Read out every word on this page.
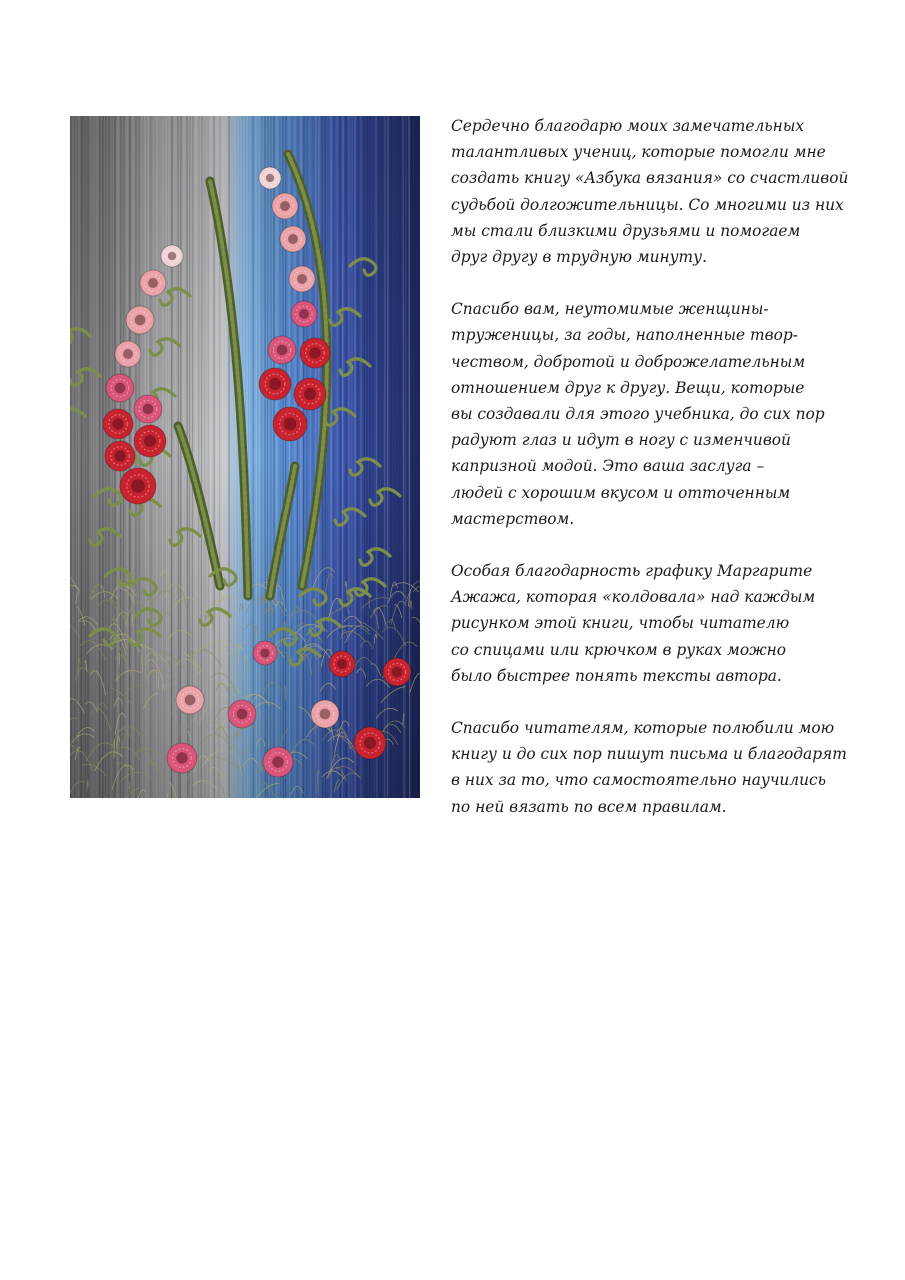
Сердечно благодарю моих замечательных
талантливых учениц, которые помогли мне
создать книгу «Азбука вязания» со счастливой
судьбой долгожительницы. Со многими из них
мы стали близкими друзьями и помогаем
друг другу в трудную минуту.
Спасибо вам, неутомимые женщины-
труженицы, за годы, наполненные твор-
чеством, добротой и доброжелательным
отношением друг к другу. Вещи, которые
вы создавали для этого учебника, до сих пор
радуют глаз и идут в ногу с изменчивой
капризной модой. Это ваша заслуга –
людей с хорошим вкусом и отточенным
мастерством.
Особая благодарность графику Маргарите
Ажажа, которая «колдовала» над каждым
рисунком этой книги, чтобы читателю
со спицами или крючком в руках можно
было быстрее понять тексты автора.
Спасибо читателям, которые полюбили мою
книгу и до сих пор пишут письма и благодарят
в них за то, что самостоятельно научились
по ней вязать по всем правилам.
